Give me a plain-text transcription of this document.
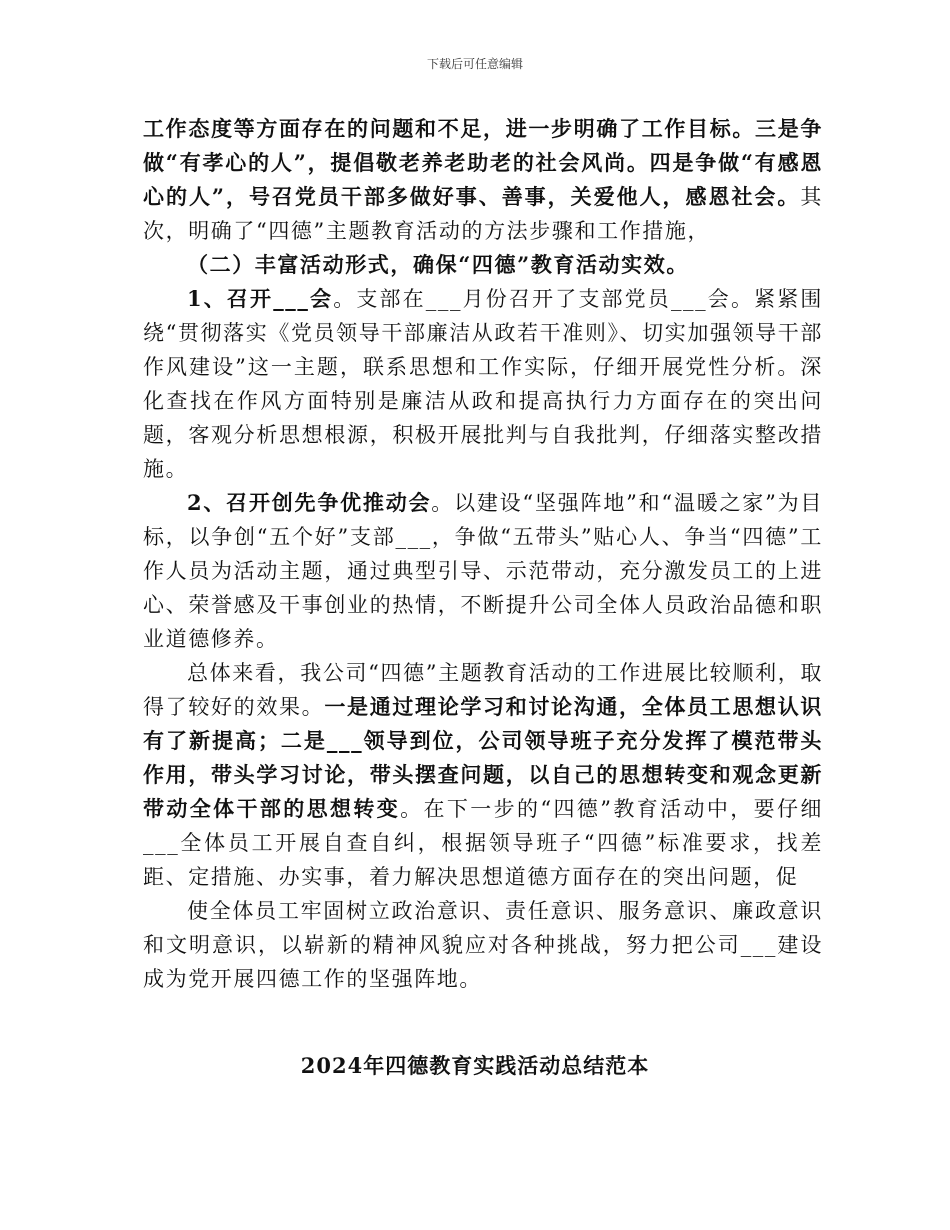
下载后可任意编辑

工作态度等方面存在的问题和不足，进一步明确了工作目标。三是争做“有孝心的人”，提倡敬老养老助老的社会风尚。四是争做“有感恩心的人”，号召党员干部多做好事、善事，关爱他人，感恩社会。其次，明确了“四德”主题教育活动的方法步骤和工作措施，

（二）丰富活动形式，确保“四德”教育活动实效。

1、召开___会。支部在___月份召开了支部党员___会。紧紧围绕“贯彻落实《党员领导干部廉洁从政若干准则》、切实加强领导干部作风建设”这一主题，联系思想和工作实际，仔细开展党性分析。深化查找在作风方面特别是廉洁从政和提高执行力方面存在的突出问题，客观分析思想根源，积极开展批判与自我批判，仔细落实整改措施。

2、召开创先争优推动会。以建设“坚强阵地”和“温暖之家”为目标，以争创“五个好”支部___，争做“五带头”贴心人、争当“四德”工作人员为活动主题，通过典型引导、示范带动，充分激发员工的上进心、荣誉感及干事创业的热情，不断提升公司全体人员政治品德和职业道德修养。

总体来看，我公司“四德”主题教育活动的工作进展比较顺利，取得了较好的效果。一是通过理论学习和讨论沟通，全体员工思想认识有了新提高；二是___领导到位，公司领导班子充分发挥了模范带头作用，带头学习讨论，带头摆查问题，以自己的思想转变和观念更新带动全体干部的思想转变。在下一步的“四德”教育活动中，要仔细___全体员工开展自查自纠，根据领导班子“四德”标准要求，找差距、定措施、办实事，着力解决思想道德方面存在的突出问题，促

使全体员工牢固树立政治意识、责任意识、服务意识、廉政意识和文明意识，以崭新的精神风貌应对各种挑战，努力把公司___建设成为党开展四德工作的坚强阵地。

2024年四德教育实践活动总结范本
